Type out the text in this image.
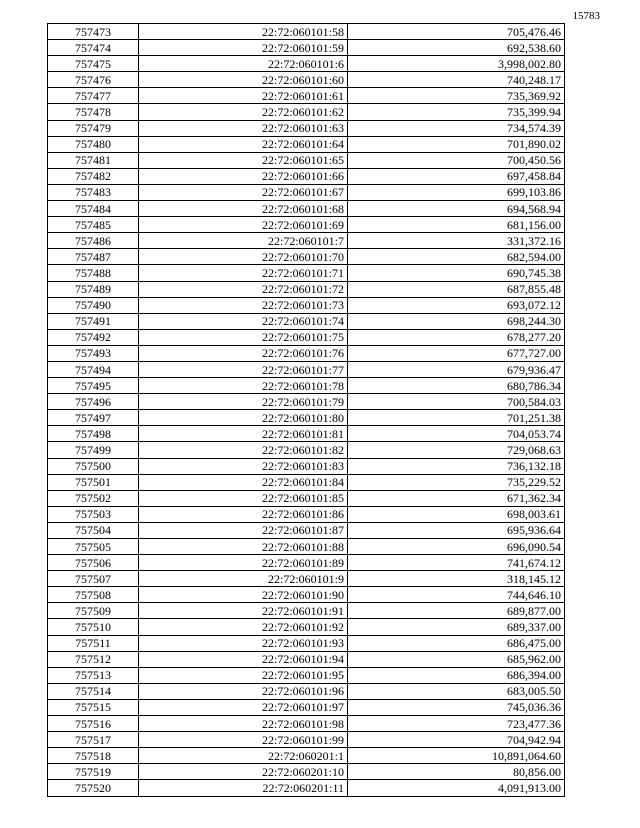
15783
757473	22:72:060101:58	705,476.46
757474	22:72:060101:59	692,538.60
757475	22:72:060101:6	3,998,002.80
757476	22:72:060101:60	740,248.17
757477	22:72:060101:61	735,369.92
757478	22:72:060101:62	735,399.94
757479	22:72:060101:63	734,574.39
757480	22:72:060101:64	701,890.02
757481	22:72:060101:65	700,450.56
757482	22:72:060101:66	697,458.84
757483	22:72:060101:67	699,103.86
757484	22:72:060101:68	694,568.94
757485	22:72:060101:69	681,156.00
757486	22:72:060101:7	331,372.16
757487	22:72:060101:70	682,594.00
757488	22:72:060101:71	690,745.38
757489	22:72:060101:72	687,855.48
757490	22:72:060101:73	693,072.12
757491	22:72:060101:74	698,244.30
757492	22:72:060101:75	678,277.20
757493	22:72:060101:76	677,727.00
757494	22:72:060101:77	679,936.47
757495	22:72:060101:78	680,786.34
757496	22:72:060101:79	700,584.03
757497	22:72:060101:80	701,251.38
757498	22:72:060101:81	704,053.74
757499	22:72:060101:82	729,068.63
757500	22:72:060101:83	736,132.18
757501	22:72:060101:84	735,229.52
757502	22:72:060101:85	671,362.34
757503	22:72:060101:86	698,003.61
757504	22:72:060101:87	695,936.64
757505	22:72:060101:88	696,090.54
757506	22:72:060101:89	741,674.12
757507	22:72:060101:9	318,145.12
757508	22:72:060101:90	744,646.10
757509	22:72:060101:91	689,877.00
757510	22:72:060101:92	689,337.00
757511	22:72:060101:93	686,475.00
757512	22:72:060101:94	685,962.00
757513	22:72:060101:95	686,394.00
757514	22:72:060101:96	683,005.50
757515	22:72:060101:97	745,036.36
757516	22:72:060101:98	723,477.36
757517	22:72:060101:99	704,942.94
757518	22:72:060201:1	10,891,064.60
757519	22:72:060201:10	80,856.00
757520	22:72:060201:11	4,091,913.00
